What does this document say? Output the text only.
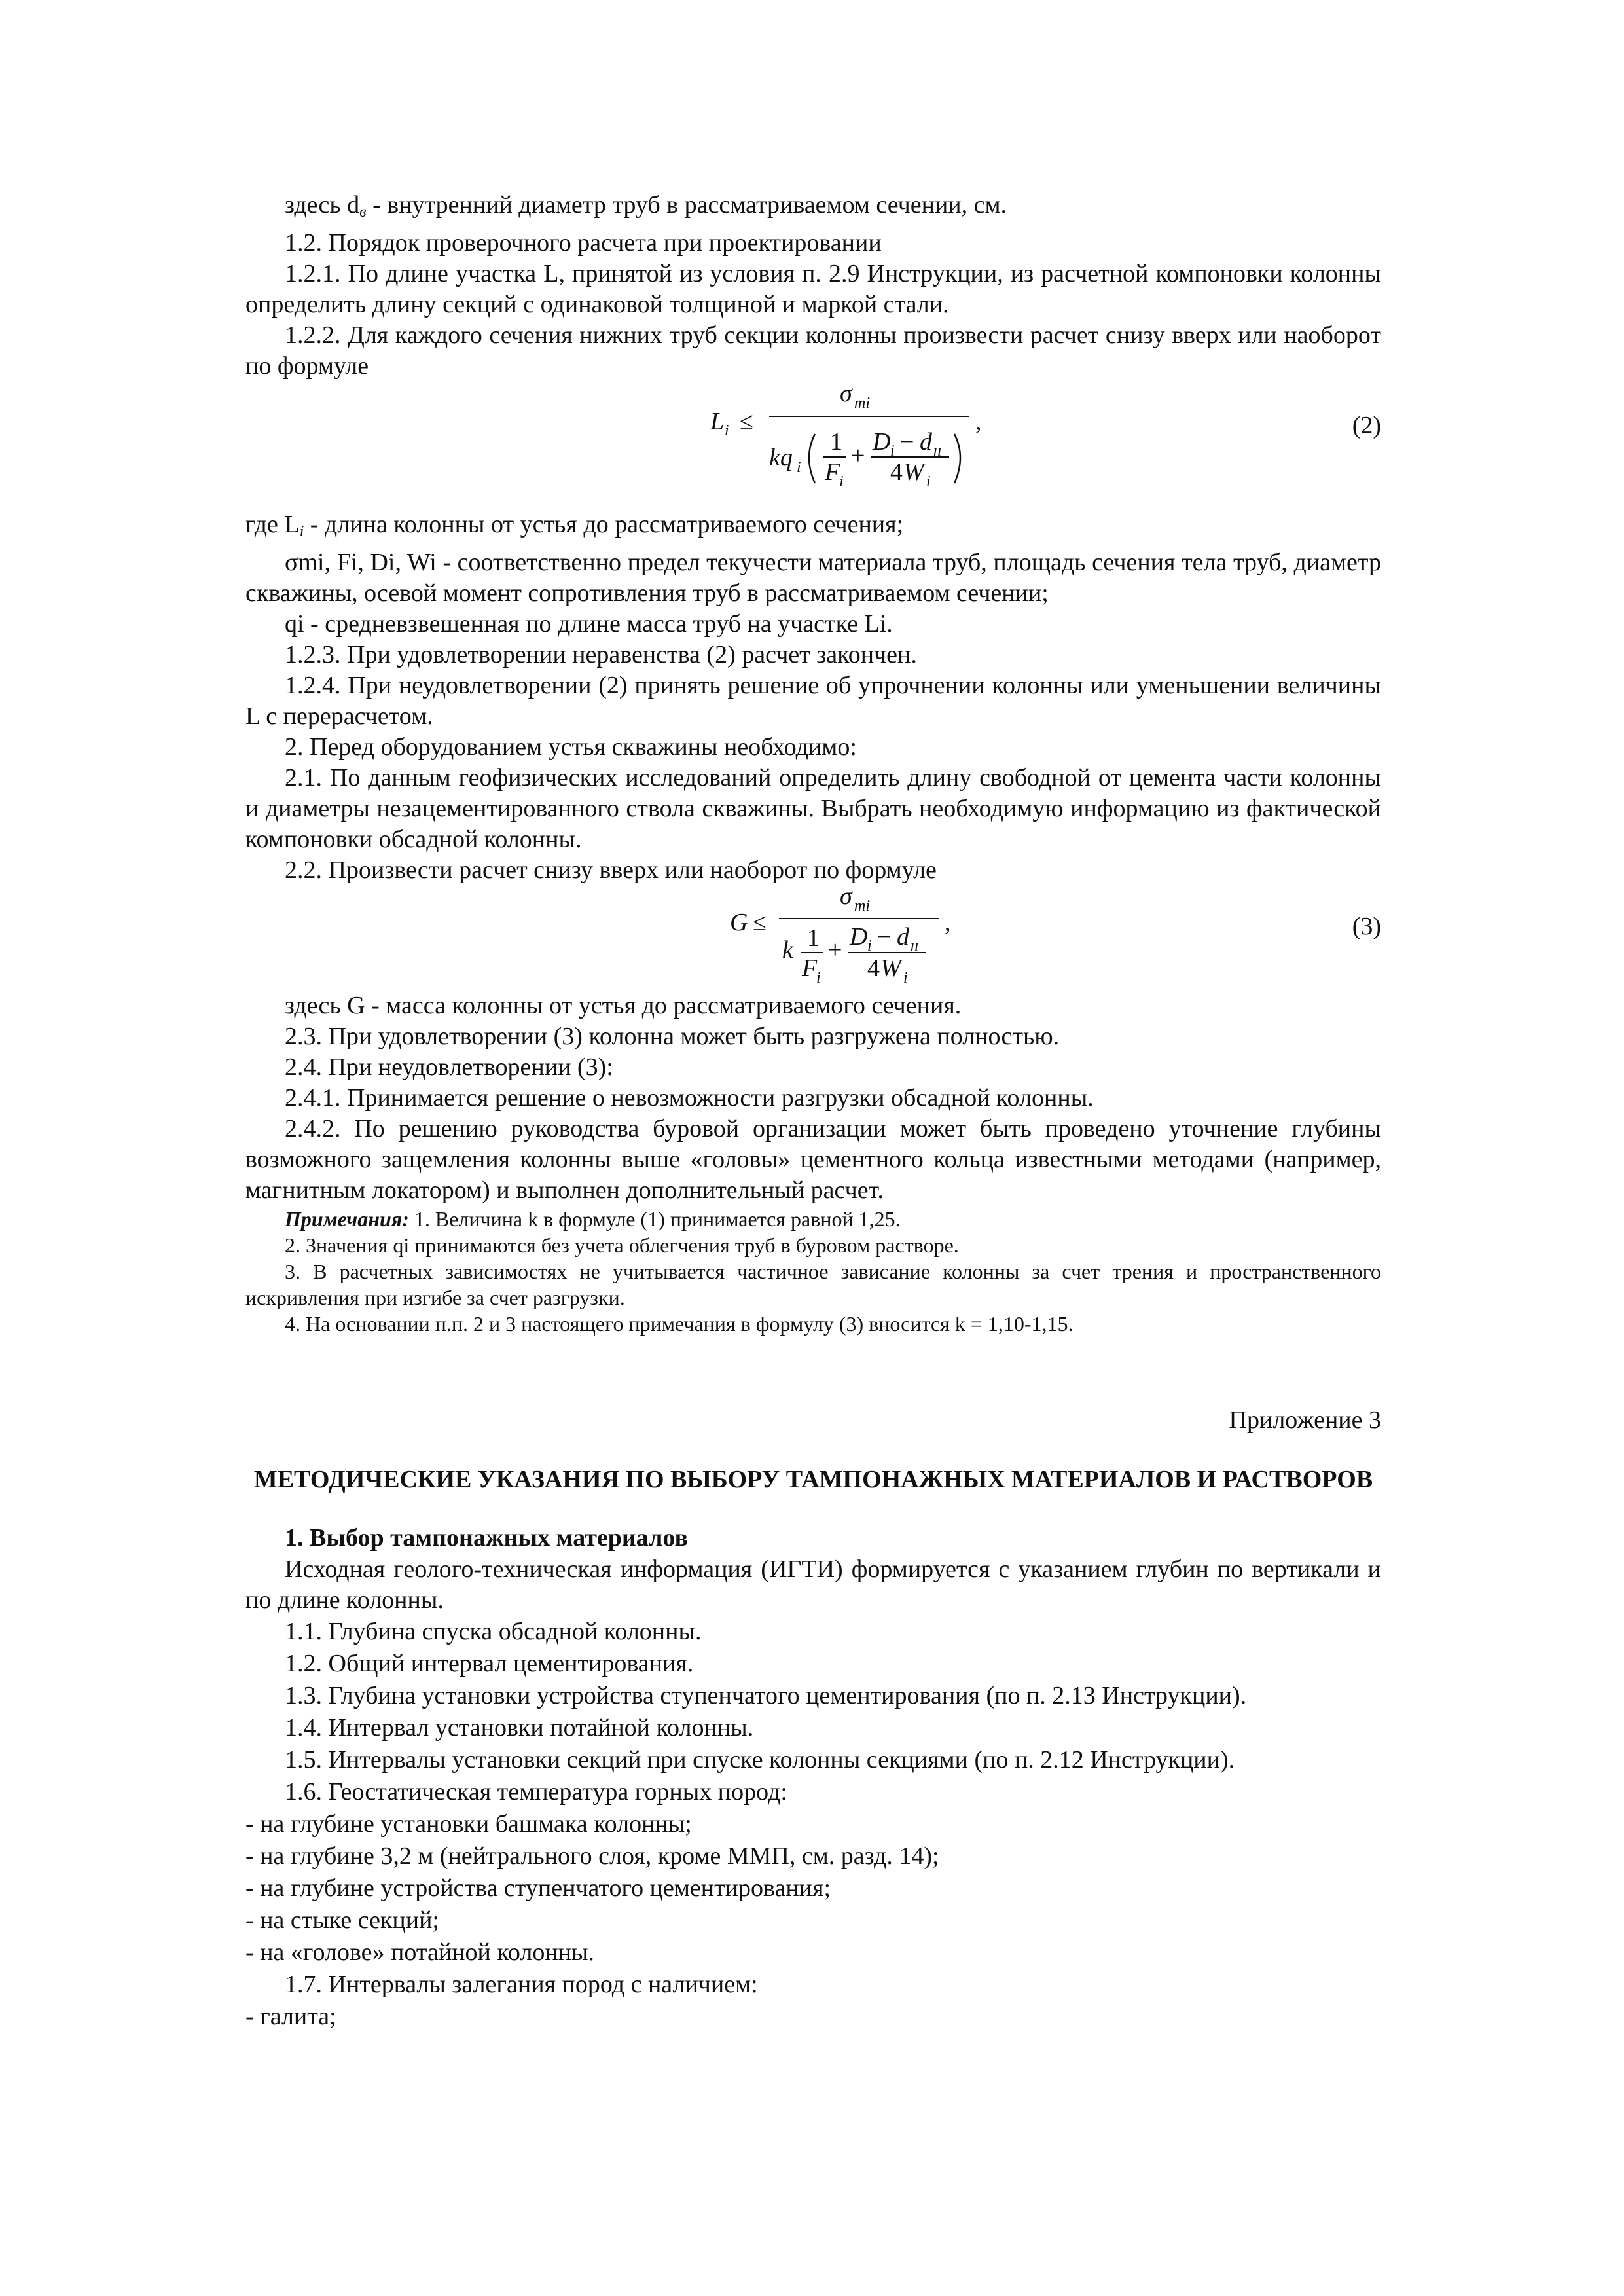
здесь $d_в$ - внутренний диаметр труб в рассматриваемом сечении, см.

1.2. Порядок проверочного расчета при проектировании

1.2.1. По длине участка L, принятой из условия п. 2.9 Инструкции, из расчетной компоновки колонны определить длину секций с одинаковой толщиной и маркой стали.

1.2.2. Для каждого сечения нижних труб секции колонны произвести расчет снизу вверх или наоборот по формуле

L i ≤
σ mi
kq i
1
F
i
+ D i − d н
4 W i
,	(2)

где $L_i$ - длина колонны от устья до рассматриваемого сечения;

σmi, Fi, Di, Wi - соответственно предел текучести материала труб, площадь сечения тела труб, диаметр скважины, осевой момент сопротивления труб в рассматриваемом сечении;

qi - средневзвешенная по длине масса труб на участке Li.

1.2.3. При удовлетворении неравенства (2) расчет закончен.

1.2.4. При неудовлетворении (2) принять решение об упрочнении колонны или уменьшении величины L с перерасчетом.

2. Перед оборудованием устья скважины необходимо:

2.1. По данным геофизических исследований определить длину свободной от цемента части колонны и диаметры незацементированного ствола скважины. Выбрать необходимую информацию из фактической компоновки обсадной колонны.

2.2. Произвести расчет снизу вверх или наоборот по формуле

G ≤
σ mi
k 1
F
i
+ D i − d н
4 W i
,	(3)

здесь G - масса колонны от устья до рассматриваемого сечения.

2.3. При удовлетворении (3) колонна может быть разгружена полностью.

2.4. При неудовлетворении (3):

2.4.1. Принимается решение о невозможности разгрузки обсадной колонны.

2.4.2. По решению руководства буровой организации может быть проведено уточнение глубины возможного защемления колонны выше «головы» цементного кольца известными методами (например, магнитным локатором) и выполнен дополнительный расчет.

Примечания: 1. Величина k в формуле (1) принимается равной 1,25.

2. Значения qi принимаются без учета облегчения труб в буровом растворе.

3. В расчетных зависимостях не учитывается частичное зависание колонны за счет трения и пространственного искривления при изгибе за счет разгрузки.

4. На основании п.п. 2 и 3 настоящего примечания в формулу (3) вносится k = 1,10-1,15.

Приложение 3

МЕТОДИЧЕСКИЕ УКАЗАНИЯ ПО ВЫБОРУ ТАМПОНАЖНЫХ МАТЕРИАЛОВ И РАСТВОРОВ

1. Выбор тампонажных материалов

Исходная геолого-техническая информация (ИГТИ) формируется с указанием глубин по вертикали и по длине колонны.

1.1. Глубина спуска обсадной колонны.

1.2. Общий интервал цементирования.

1.3. Глубина установки устройства ступенчатого цементирования (по п. 2.13 Инструкции).

1.4. Интервал установки потайной колонны.

1.5. Интервалы установки секций при спуске колонны секциями (по п. 2.12 Инструкции).

1.6. Геостатическая температура горных пород:

- на глубине установки башмака колонны;

- на глубине 3,2 м (нейтрального слоя, кроме ММП, см. разд. 14);

- на глубине устройства ступенчатого цементирования;

- на стыке секций;

- на «голове» потайной колонны.

1.7. Интервалы залегания пород с наличием:

- галита;
